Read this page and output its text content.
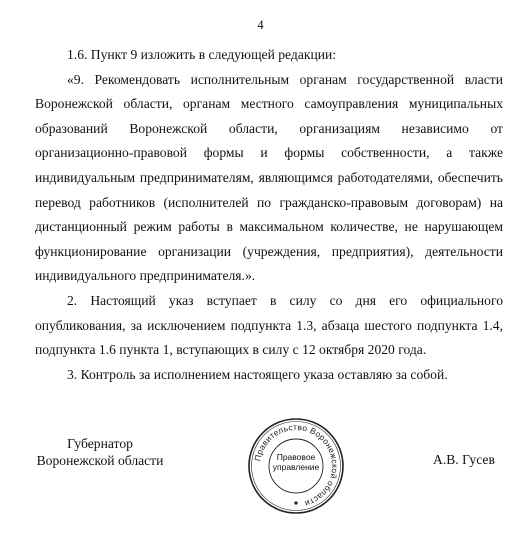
4

1.6. Пункт 9 изложить в следующей редакции:

«9. Рекомендовать исполнительным органам государственной власти Воронежской области, органам местного самоуправления муниципальных образований Воронежской области, организациям независимо от организационно-правовой формы и формы собственности, а также индивидуальным предпринимателям, являющимся работодателями, обеспечить перевод работников (исполнителей по гражданско-правовым договорам) на дистанционный режим работы в максимальном количестве, не нарушающем функционирование организации (учреждения, предприятия), деятельности индивидуального предпринимателя.».

2. Настоящий указ вступает в силу со дня его официального опубликования, за исключением подпункта 1.3, абзаца шестого подпункта 1.4, подпункта 1.6 пункта 1, вступающих в силу с 12 октября 2020 года.

3. Контроль за исполнением настоящего указа оставляю за собой.

Губернатор
Воронежской области	Правительство Воронежской области
Правовое
управление	А.В. Гусев
